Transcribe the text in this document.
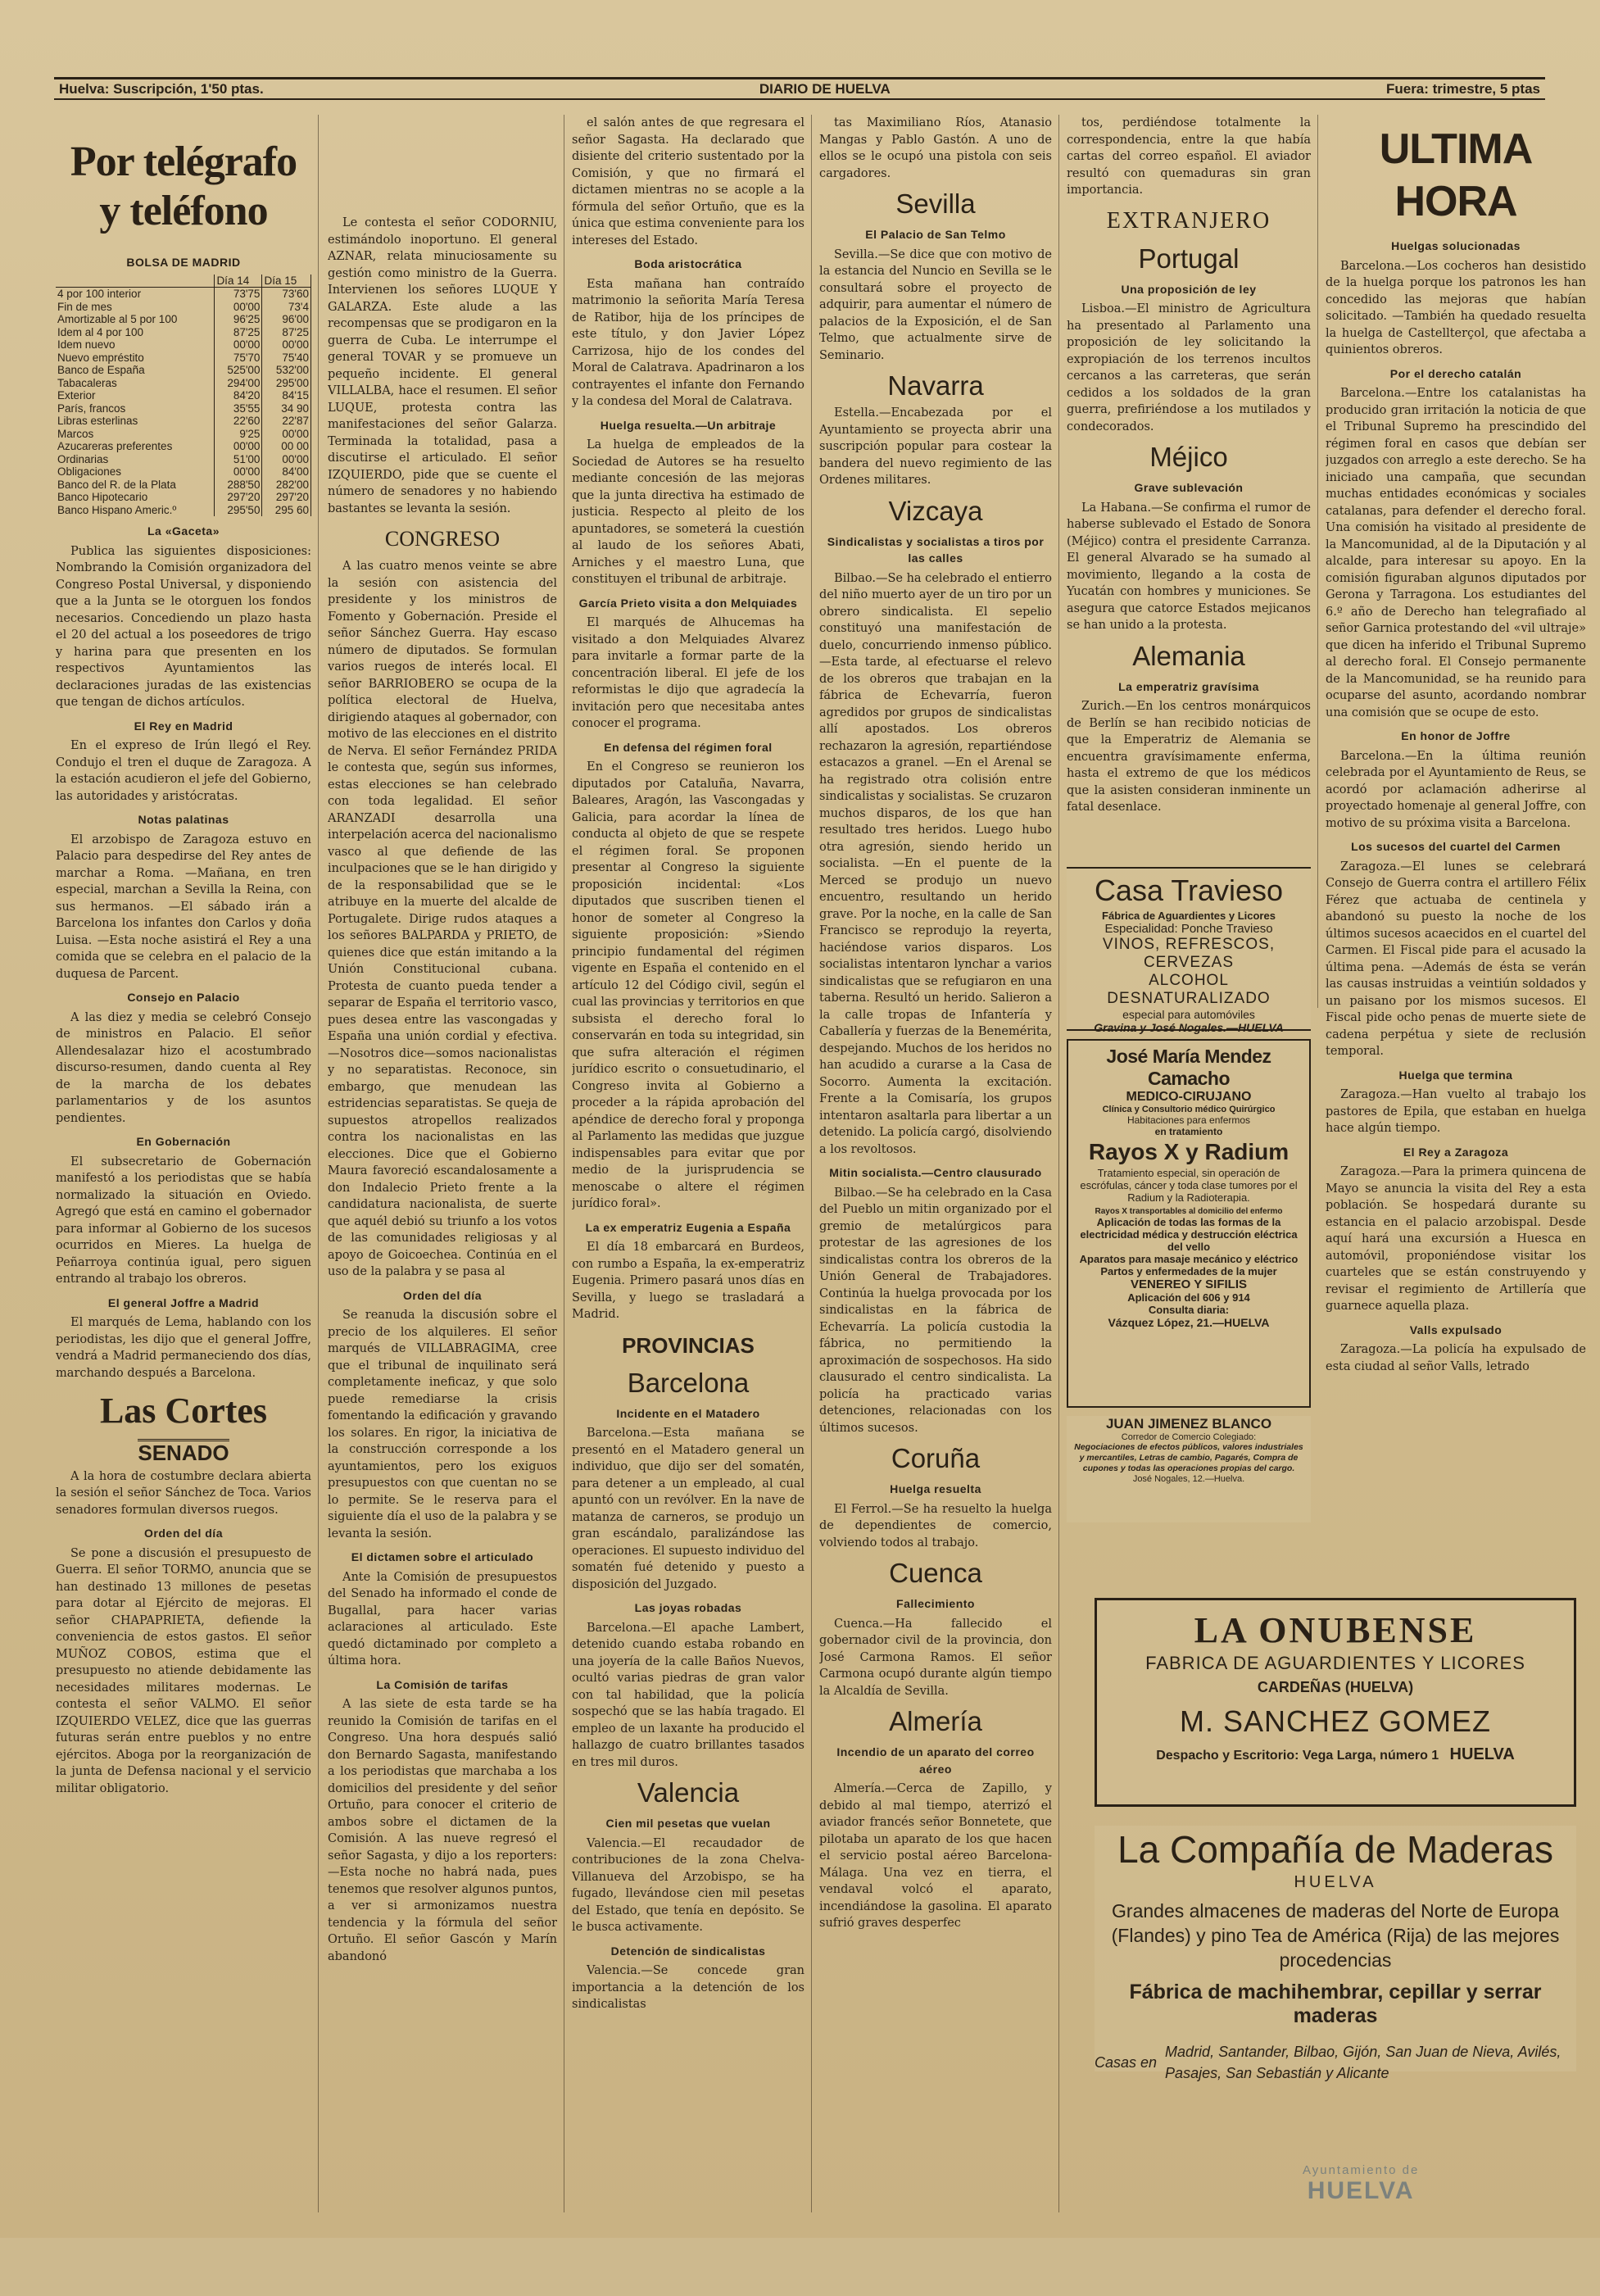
Huelva: Suscripción, 1'50 ptas.	DIARIO DE HUELVA	Fuera: trimestre, 5 ptas
Por telégrafo y teléfono
BOLSA DE MADRID
	Día 14	Día 15
4 por 100 interior	73'75	73'60
Fin de mes	00'00	73'4
Amortizable al 5 por 100	96'25	96'00
Idem al 4 por 100	87'25	87'25
Idem nuevo	00'00	00'00
Nuevo empréstito	75'70	75'40
Banco de España	525'00	532'00
Tabacaleras	294'00	295'00
Exterior	84'20	84'15
París, francos	35'55	34 90
Libras esterlinas	22'60	22'87
Marcos	9'25	00'00
Azucareras preferentes	00'00	00 00
Ordinarias	51'00	00'00
Obligaciones	00'00	84'00
Banco del R. de la Plata	288'50	282'00
Banco Hipotecario	297'20	297'20
Banco Hispano Americ.º	295'50	295 60
La «Gaceta»

Publica las siguientes disposiciones: Nombrando la Comisión organizadora del Congreso Postal Universal, y disponiendo que a la Junta se le otorguen los fondos necesarios. Concediendo un plazo hasta el 20 del actual a los poseedores de trigo y harina para que presenten en los respectivos Ayuntamientos las declaraciones juradas de las existencias que tengan de dichos artículos.

El Rey en Madrid

En el expreso de Irún llegó el Rey. Condujo el tren el duque de Zaragoza. A la estación acudieron el jefe del Gobierno, las autoridades y aristócratas.

Notas palatinas

El arzobispo de Zaragoza estuvo en Palacio para despedirse del Rey antes de marchar a Roma. —Mañana, en tren especial, marchan a Sevilla la Reina, con sus hermanos. —El sábado irán a Barcelona los infantes don Carlos y doña Luisa. —Esta noche asistirá el Rey a una comida que se celebra en el palacio de la duquesa de Parcent.

Consejo en Palacio

A las diez y media se celebró Consejo de ministros en Palacio. El señor Allendesalazar hizo el acostumbrado discurso-resumen, dando cuenta al Rey de la marcha de los debates parlamentarios y de los asuntos pendientes.

En Gobernación

El subsecretario de Gobernación manifestó a los periodistas que se había normalizado la situación en Oviedo. Agregó que está en camino el gobernador para informar al Gobierno de los sucesos ocurridos en Mieres. La huelga de Peñarroya continúa igual, pero siguen entrando al trabajo los obreros.

El general Joffre a Madrid

El marqués de Lema, hablando con los periodistas, les dijo que el general Joffre, vendrá a Madrid permaneciendo dos días, marchando después a Barcelona.

Las Cortes
SENADO

A la hora de costumbre declara abierta la sesión el señor Sánchez de Toca. Varios senadores formulan diversos ruegos.

Orden del día

Se pone a discusión el presupuesto de Guerra. El señor TORMO, anuncia que se han destinado 13 millones de pesetas para dotar al Ejército de mejoras. El señor CHAPAPRIETA, defiende la conveniencia de estos gastos. El señor MUÑOZ COBOS, estima que el presupuesto no atiende debidamente las necesidades militares modernas. Le contesta el señor VALMO. El señor IZQUIERDO VELEZ, dice que las guerras futuras serán entre pueblos y no entre ejércitos. Aboga por la reorganización de la junta de Defensa nacional y el servicio militar obligatorio.

Le contesta el señor CODORNIU, estimándolo inoportuno. El general AZNAR, relata minuciosamente su gestión como ministro de la Guerra. Intervienen los señores LUQUE Y GALARZA. Este alude a las recompensas que se prodigaron en la guerra de Cuba. Le interrumpe el general TOVAR y se promueve un pequeño incidente. El general VILLALBA, hace el resumen. El señor LUQUE, protesta contra las manifestaciones del señor Galarza. Terminada la totalidad, pasa a discutirse el articulado. El señor IZQUIERDO, pide que se cuente el número de senadores y no habiendo bastantes se levanta la sesión.

CONGRESO

A las cuatro menos veinte se abre la sesión con asistencia del presidente y los ministros de Fomento y Gobernación. Preside el señor Sánchez Guerra. Hay escaso número de diputados. Se formulan varios ruegos de interés local. El señor BARRIOBERO se ocupa de la política electoral de Huelva, dirigiendo ataques al gobernador, con motivo de las elecciones en el distrito de Nerva. El señor Fernández PRIDA le contesta que, según sus informes, estas elecciones se han celebrado con toda legalidad. El señor ARANZADI desarrolla una interpelación acerca del nacionalismo vasco al que defiende de las inculpaciones que se le han dirigido y de la responsabilidad que se le atribuye en la muerte del alcalde de Portugalete. Dirige rudos ataques a los señores BALPARDA y PRIETO, de quienes dice que están imitando a la Unión Constitucional cubana. Protesta de cuanto pueda tender a separar de España el territorio vasco, pues desea entre las vascongadas y España una unión cordial y efectiva. —Nosotros dice—somos nacionalistas y no separatistas. Reconoce, sin embargo, que menudean las estridencias separatistas. Se queja de supuestos atropellos realizados contra los nacionalistas en las elecciones. Dice que el Gobierno Maura favoreció escandalosamente a don Indalecio Prieto frente a la candidatura nacionalista, de suerte que aquél debió su triunfo a los votos de las comunidades religiosas y al apoyo de Goicoechea. Continúa en el uso de la palabra y se pasa al

Orden del día

Se reanuda la discusión sobre el precio de los alquileres. El señor marqués de VILLABRAGIMA, cree que el tribunal de inquilinato será completamente ineficaz, y que solo puede remediarse la crisis fomentando la edificación y gravando los solares. En rigor, la iniciativa de la construcción corresponde a los ayuntamientos, pero los exiguos presupuestos con que cuentan no se lo permite. Se le reserva para el siguiente día el uso de la palabra y se levanta la sesión.

El dictamen sobre el articulado

Ante la Comisión de presupuestos del Senado ha informado el conde de Bugallal, para hacer varias aclaraciones al articulado. Este quedó dictaminado por completo a última hora.

La Comisión de tarifas

A las siete de esta tarde se ha reunido la Comisión de tarifas en el Congreso. Una hora después salió don Bernardo Sagasta, manifestando a los periodistas que marchaba a los domicilios del presidente y del señor Ortuño, para conocer el criterio de ambos sobre el dictamen de la Comisión. A las nueve regresó el señor Sagasta, y dijo a los reporters: —Esta noche no habrá nada, pues tenemos que resolver algunos puntos, a ver si armonizamos nuestra tendencia y la fórmula del señor Ortuño. El señor Gascón y Marín abandonó

el salón antes de que regresara el señor Sagasta. Ha declarado que disiente del criterio sustentado por la Comisión, y que no firmará el dictamen mientras no se acople a la fórmula del señor Ortuño, que es la única que estima conveniente para los intereses del Estado.

Boda aristocrática

Esta mañana han contraído matrimonio la señorita María Teresa de Ratibor, hija de los príncipes de este título, y don Javier López Carrizosa, hijo de los condes del Moral de Calatrava. Apadrinaron a los contrayentes el infante don Fernando y la condesa del Moral de Calatrava.

Huelga resuelta.—Un arbitraje

La huelga de empleados de la Sociedad de Autores se ha resuelto mediante concesión de las mejoras que la junta directiva ha estimado de justicia. Respecto al pleito de los apuntadores, se someterá la cuestión al laudo de los señores Abati, Arniches y el maestro Luna, que constituyen el tribunal de arbitraje.

García Prieto visita a don Melquiades

El marqués de Alhucemas ha visitado a don Melquiades Alvarez para invitarle a formar parte de la concentración liberal. El jefe de los reformistas le dijo que agradecía la invitación pero que necesitaba antes conocer el programa.

En defensa del régimen foral

En el Congreso se reunieron los diputados por Cataluña, Navarra, Baleares, Aragón, las Vascongadas y Galicia, para acordar la línea de conducta al objeto de que se respete el régimen foral. Se proponen presentar al Congreso la siguiente proposición incidental: «Los diputados que suscriben tienen el honor de someter al Congreso la siguiente proposición: »Siendo principio fundamental del régimen vigente en España el contenido en el artículo 12 del Código civil, según el cual las provincias y territorios en que subsista el derecho foral lo conservarán en toda su integridad, sin que sufra alteración el régimen jurídico escrito o consuetudinario, el Congreso invita al Gobierno a proceder a la rápida aprobación del apéndice de derecho foral y proponga al Parlamento las medidas que juzgue indispensables para evitar que por medio de la jurisprudencia se menoscabe o altere el régimen jurídico foral».

La ex emperatriz Eugenia a España

El día 18 embarcará en Burdeos, con rumbo a España, la ex-emperatriz Eugenia. Primero pasará unos días en Sevilla, y luego se trasladará a Madrid.

PROVINCIAS
Barcelona
Incidente en el Matadero

Barcelona.—Esta mañana se presentó en el Matadero general un individuo, que dijo ser del somatén, para detener a un empleado, al cual apuntó con un revólver. En la nave de matanza de carneros, se produjo un gran escándalo, paralizándose las operaciones. El supuesto individuo del somatén fué detenido y puesto a disposición del Juzgado.

Las joyas robadas

Barcelona.—El apache Lambert, detenido cuando estaba robando en una joyería de la calle Baños Nuevos, ocultó varias piedras de gran valor con tal habilidad, que la policía sospechó que se las había tragado. El empleo de un laxante ha producido el hallazgo de cuatro brillantes tasados en tres mil duros.

Valencia
Cien mil pesetas que vuelan

Valencia.—El recaudador de contribuciones de la zona Chelva-Villanueva del Arzobispo, se ha fugado, llevándose cien mil pesetas del Estado, que tenía en depósito. Se le busca activamente.

Detención de sindicalistas

Valencia.—Se concede gran importancia a la detención de los sindicalistas

tas Maximiliano Ríos, Atanasio Mangas y Pablo Gastón. A uno de ellos se le ocupó una pistola con seis cargadores.

Sevilla
El Palacio de San Telmo

Sevilla.—Se dice que con motivo de la estancia del Nuncio en Sevilla se le consultará sobre el proyecto de adquirir, para aumentar el número de palacios de la Exposición, el de San Telmo, que actualmente sirve de Seminario.

Navarra

Estella.—Encabezada por el Ayuntamiento se proyecta abrir una suscripción popular para costear la bandera del nuevo regimiento de las Ordenes militares.

Vizcaya
Sindicalistas y socialistas a tiros por las calles

Bilbao.—Se ha celebrado el entierro del niño muerto ayer de un tiro por un obrero sindicalista. El sepelio constituyó una manifestación de duelo, concurriendo inmenso público. —Esta tarde, al efectuarse el relevo de los obreros que trabajan en la fábrica de Echevarría, fueron agredidos por grupos de sindicalistas allí apostados. Los obreros rechazaron la agresión, repartiéndose estacazos a granel. —En el Arenal se ha registrado otra colisión entre sindicalistas y socialistas. Se cruzaron muchos disparos, de los que han resultado tres heridos. Luego hubo otra agresión, siendo herido un socialista. —En el puente de la Merced se produjo un nuevo encuentro, resultando un herido grave. Por la noche, en la calle de San Francisco se reprodujo la reyerta, haciéndose varios disparos. Los socialistas intentaron lynchar a varios sindicalistas que se refugiaron en una taberna. Resultó un herido. Salieron a la calle tropas de Infantería y Caballería y fuerzas de la Benemérita, despejando. Muchos de los heridos no han acudido a curarse a la Casa de Socorro. Aumenta la excitación. Frente a la Comisaría, los grupos intentaron asaltarla para libertar a un detenido. La policía cargó, disolviendo a los revoltosos.

Mitin socialista.—Centro clausurado

Bilbao.—Se ha celebrado en la Casa del Pueblo un mitin organizado por el gremio de metalúrgicos para protestar de las agresiones de los sindicalistas contra los obreros de la Unión General de Trabajadores. Continúa la huelga provocada por los sindicalistas en la fábrica de Echevarría. La policía custodia la fábrica, no permitiendo la aproximación de sospechosos. Ha sido clausurado el centro sindicalista. La policía ha practicado varias detenciones, relacionadas con los últimos sucesos.

Coruña
Huelga resuelta

El Ferrol.—Se ha resuelto la huelga de dependientes de comercio, volviendo todos al trabajo.

Cuenca
Fallecimiento

Cuenca.—Ha fallecido el gobernador civil de la provincia, don José Carmona Ramos. El señor Carmona ocupó durante algún tiempo la Alcaldía de Sevilla.

Almería
Incendio de un aparato del correo aéreo

Almería.—Cerca de Zapillo, y debido al mal tiempo, aterrizó el aviador francés señor Bonnetete, que pilotaba un aparato de los que hacen el servicio postal aéreo Barcelona-Málaga. Una vez en tierra, el vendaval volcó el aparato, incendiándose la gasolina. El aparato sufrió graves desperfec

tos, perdiéndose totalmente la correspondencia, entre la que había cartas del correo español. El aviador resultó con quemaduras sin gran importancia.

EXTRANJERO
Portugal
Una proposición de ley

Lisboa.—El ministro de Agricultura ha presentado al Parlamento una proposición de ley solicitando la expropiación de los terrenos incultos cercanos a las carreteras, que serán cedidos a los soldados de la gran guerra, prefiriéndose a los mutilados y condecorados.

Méjico
Grave sublevación

La Habana.—Se confirma el rumor de haberse sublevado el Estado de Sonora (Méjico) contra el presidente Carranza. El general Alvarado se ha sumado al movimiento, llegando a la costa de Yucatán con hombres y municiones. Se asegura que catorce Estados mejicanos se han unido a la protesta.

Alemania
La emperatriz gravísima

Zurich.—En los centros monárquicos de Berlín se han recibido noticias de que la Emperatriz de Alemania se encuentra gravísimamente enferma, hasta el extremo de que los médicos que la asisten consideran inminente un fatal desenlace.

ULTIMA HORA
Huelgas solucionadas

Barcelona.—Los cocheros han desistido de la huelga porque los patronos les han concedido las mejoras que habían solicitado. —También ha quedado resuelta la huelga de Castellterçol, que afectaba a quinientos obreros.

Por el derecho catalán

Barcelona.—Entre los catalanistas ha producido gran irritación la noticia de que el Tribunal Supremo ha prescindido del régimen foral en casos que debían ser juzgados con arreglo a este derecho. Se ha iniciado una campaña, que secundan muchas entidades económicas y sociales catalanas, para defender el derecho foral. Una comisión ha visitado al presidente de la Mancomunidad, al de la Diputación y al alcalde, para interesar su apoyo. En la comisión figuraban algunos diputados por Gerona y Tarragona. Los estudiantes del 6.º año de Derecho han telegrafiado al señor Garnica protestando del «vil ultraje» que dicen ha inferido el Tribunal Supremo al derecho foral. El Consejo permanente de la Mancomunidad, se ha reunido para ocuparse del asunto, acordando nombrar una comisión que se ocupe de esto.

En honor de Joffre

Barcelona.—En la última reunión celebrada por el Ayuntamiento de Reus, se acordó por aclamación adherirse al proyectado homenaje al general Joffre, con motivo de su próxima visita a Barcelona.

Los sucesos del cuartel del Carmen

Zaragoza.—El lunes se celebrará Consejo de Guerra contra el artillero Félix Férez que actuaba de centinela y abandonó su puesto la noche de los últimos sucesos acaecidos en el cuartel del Carmen. El Fiscal pide para el acusado la última pena. —Además de ésta se verán las causas instruidas a veintiún soldados y un paisano por los mismos sucesos. El Fiscal pide ocho penas de muerte siete de cadena perpétua y siete de reclusión temporal.

Huelga que termina

Zaragoza.—Han vuelto al trabajo los pastores de Epila, que estaban en huelga hace algún tiempo.

El Rey a Zaragoza

Zaragoza.—Para la primera quincena de Mayo se anuncia la visita del Rey a esta población. Se hospedará durante su estancia en el palacio arzobispal. Desde aquí hará una excursión a Huesca en automóvil, proponiéndose visitar los cuarteles que se están construyendo y revisar el regimiento de Artillería que guarnece aquella plaza.

Valls expulsado

Zaragoza.—La policía ha expulsado de esta ciudad al señor Valls, letrado

Casa Travieso
Fábrica de Aguardientes y Licores
Especialidad: Ponche Travieso
VINOS, REFRESCOS, CERVEZAS
ALCOHOL DESNATURALIZADO
especial para automóviles
Gravina y José Nogales.—HUELVA
José María Mendez Camacho
MEDICO-CIRUJANO
Clínica y Consultorio médico Quirúrgico
Habitaciones para enfermos
en tratamiento
Rayos X y Radium
Tratamiento especial, sin operación de escrófulas, cáncer y toda clase tumores por el Radium y la Radioterapia.
Rayos X transportables al domicilio del enfermo
Aplicación de todas las formas de la electricidad médica y destrucción eléctrica del vello
Aparatos para masaje mecánico y eléctrico
Partos y enfermedades de la mujer
VENEREO Y SIFILIS
Aplicación del 606 y 914
Consulta diaria:
Vázquez López, 21.—HUELVA
JUAN JIMENEZ BLANCO
Corredor de Comercio Colegiado:
Negociaciones de efectos públicos, valores industriales y mercantiles, Letras de cambio, Pagarés, Compra de cupones y todas las operaciones propias del cargo.
José Nogales, 12.—Huelva.
LA ONUBENSE
FABRICA DE AGUARDIENTES Y LICORES
CARDEÑAS (HUELVA)
M. SANCHEZ GOMEZ
Despacho y Escritorio: Vega Larga, número 1 HUELVA
La Compañía de Maderas
HUELVA
Grandes almacenes de maderas del Norte de Europa (Flandes) y pino Tea de América (Rija) de las mejores procedencias
Fábrica de machihembrar, cepillar y serrar maderas
Casas en
Madrid, Santander, Bilbao, Gijón, San Juan de Nieva, Avilés, Pasajes, San Sebastián y Alicante
Ayuntamiento de
HUELVA
